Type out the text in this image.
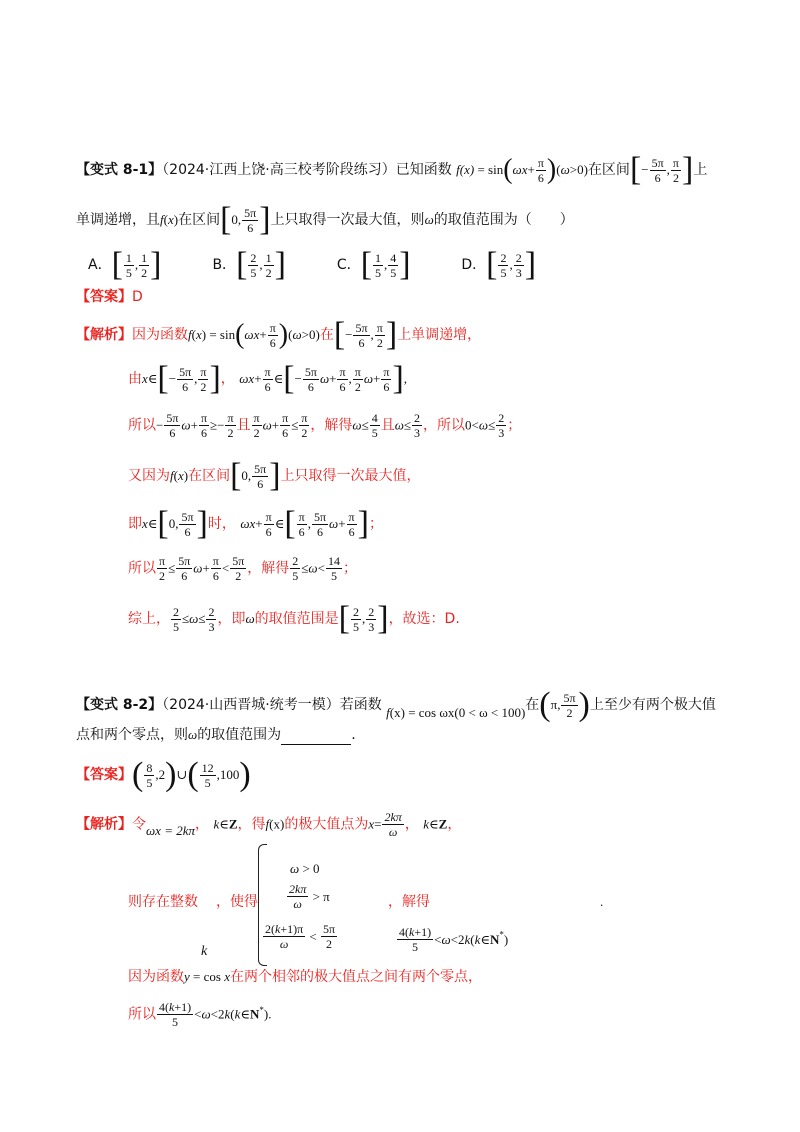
【变式 8-1】（2024·江西上饶·高三校考阶段练习）已知函数 $f(x) = \sin(\omega x+ \frac{\pi}{6} )(\omega>0)$在区间[− $\frac{5\pi}{6}$ , $\frac{\pi}{2}$ ]上
单调递增，且f(x)在区间[0, $\frac{5\pi}{6}$ ]上只取得一次最大值，则ω的取值范围为（　　）
A．[ $\frac{1}{5}$ , $\frac{1}{2}$ ]	B．[ $\frac{2}{5}$ , $\frac{1}{2}$ ]	C．[ $\frac{1}{5}$ , $\frac{4}{5}$ ]	D．[ $\frac{2}{5}$ , $\frac{2}{3}$ ]
【答案】D
【解析】因为函数$f(x) = \sin(\omega x+ \frac{\pi}{6} )(\omega>0)$在[− $\frac{5\pi}{6}$ , $\frac{\pi}{2}$ ]上单调递增，
由x∈[− $\frac{5\pi}{6}$ , $\frac{\pi}{2}$ ]， $\omega x+ \frac{\pi}{6}$ ∈[− $\frac{5\pi}{6} \omega+ \frac{\pi}{6}$ , $\frac{\pi}{2} \omega+ \frac{\pi}{6}$ ],
所以− $\frac{5\pi}{6} \omega+ \frac{\pi}{6} \ge- \frac{\pi}{2}$ 且 $\frac{\pi}{2} \omega+ \frac{\pi}{6} \le \frac{\pi}{2}$ ，解得$\omega\le \frac{4}{5}$ 且$\omega\le \frac{2}{3}$ ，所以$0<\omega\le \frac{2}{3}$ ；
又因为f(x)在区间[0, $\frac{5\pi}{6}$ ]上只取得一次最大值，
即x∈[0, $\frac{5\pi}{6}$ ]时， $\omega x+ \frac{\pi}{6}$ ∈[ $\frac{\pi}{6}$ , $\frac{5\pi}{6} \omega+ \frac{\pi}{6}$ ]；
所以 $\frac{\pi}{2} \le \frac{5\pi}{6} \omega+ \frac{\pi}{6} < \frac{5\pi}{2}$ ，解得 $\frac{2}{5} \le\omega< \frac{14}{5}$ ；
综上， $\frac{2}{5} \le\omega\le \frac{2}{3}$ ，即ω的取值范围是[ $\frac{2}{5}$ , $\frac{2}{3}$ ]，故选：D.
【变式 8-2】（2024·山西晋城·统考一模）若函数 f(x) = cos ωx(0 < ω < 100)在(π, $\frac{5\pi}{2}$ )上至少有两个极大值
点和两个零点，则ω的取值范围为	.
【答案】( $\frac{8}{5}$ ,2)∪( $\frac{12}{5} ,100$)
【解析】令ωx = 2kπ， k∈Z，得f(x)的极大值点为$x= \frac{2k\pi}{\omega}$ ， k∈Z，
ω > 0
$\frac{2k\pi}{\omega} > \pi$
$\frac{2(k+1)\pi}{\omega} < \frac{5\pi}{2}$
则存在整数 ，使得	，解得	.
k	$\frac{4(k+1)}{5}$ <ω<2k(k∈N*)
因为函数y = cos x在两个相邻的极大值点之间有两个零点，
所以 $\frac{4(k+1)}{5}$ <ω<2k(k∈N*).
